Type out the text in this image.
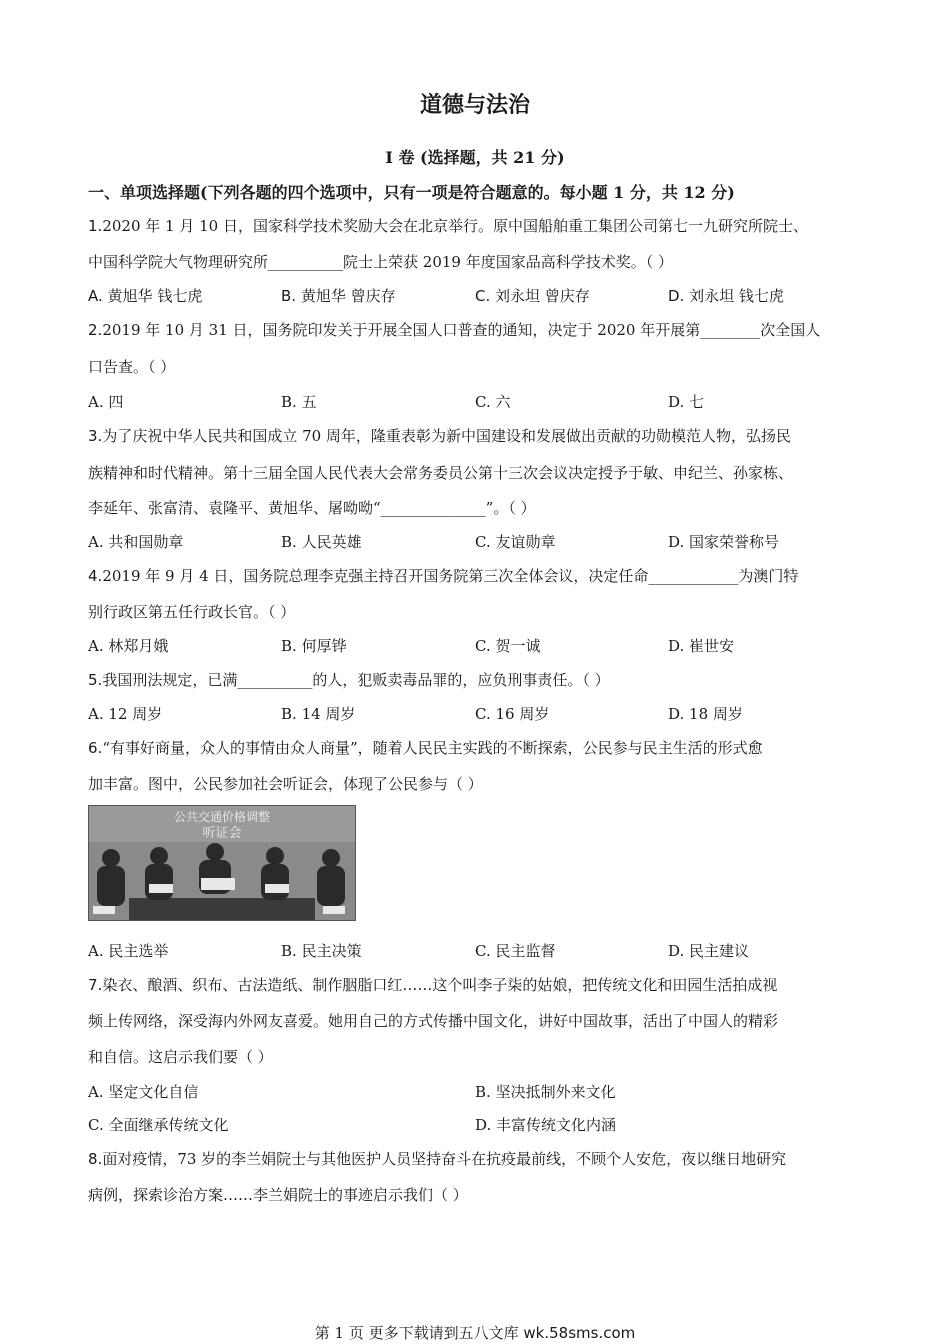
道德与法治
Ⅰ 卷 (选择题，共 21 分)
一、单项选择题(下列各题的四个选项中，只有一项是符合题意的。每小题 1 分，共 12 分)
1.2020 年 1 月 10 日，国家科学技术奖励大会在北京举行。原中国船舶重工集团公司第七一九研究所院士、
中国科学院大气物理研究所__________院士上荣获 2019 年度国家品高科学技术奖。（ ）
A. 黄旭华 钱七虎	B. 黄旭华 曾庆存	C. 刘永坦 曾庆存	D. 刘永坦 钱七虎
2.2019 年 10 月 31 日，国务院印发关于开展全国人口普查的通知，决定于 2020 年开展第________次全国人
口告查。（ ）
A. 四	B. 五	C. 六	D. 七
3.为了庆祝中华人民共和国成立 70 周年，隆重表彰为新中国建设和发展做出贡献的功勋模范人物，弘扬民
族精神和时代精神。第十三届全国人民代表大会常务委员公第十三次会议决定授予于敏、申纪兰、孙家栋、
李延年、张富清、袁隆平、黄旭华、屠呦呦“______________”。（ ）
A. 共和国勋章	B. 人民英雄	C. 友谊勋章	D. 国家荣誉称号
4.2019 年 9 月 4 日，国务院总理李克强主持召开国务院第三次全体会议，决定任命____________为澳门特
别行政区第五任行政长官。（ ）
A. 林郑月娥	B. 何厚铧	C. 贺一诚	D. 崔世安
5.我国刑法规定，已满__________的人，犯贩卖毒品罪的，应负刑事责任。（ ）
A. 12 周岁	B. 14 周岁	C. 16 周岁	D. 18 周岁
6.“有事好商量，众人的事情由众人商量”，随着人民民主实践的不断探索，公民参与民主生活的形式愈
加丰富。图中，公民参加社会听证会，体现了公民参与（ ）
公共交通价格调整
听证会
A. 民主选举	B. 民主决策	C. 民主监督	D. 民主建议
7.染衣、酿酒、织布、古法造纸、制作胭脂口红……这个叫李子柒的姑娘，把传统文化和田园生活拍成视
频上传网络，深受海内外网友喜爱。她用自己的方式传播中国文化，讲好中国故事，活出了中国人的精彩
和自信。这启示我们要（ ）
A. 坚定文化自信	B. 坚决抵制外来文化
C. 全面继承传统文化	D. 丰富传统文化内涵
8.面对疫情，73 岁的李兰娟院士与其他医护人员坚持奋斗在抗疫最前线，不顾个人安危，夜以继日地研究
病例，探索诊治方案……李兰娟院士的事迹启示我们（ ）
第 1 页 更多下载请到五八文库 wk.58sms.com
